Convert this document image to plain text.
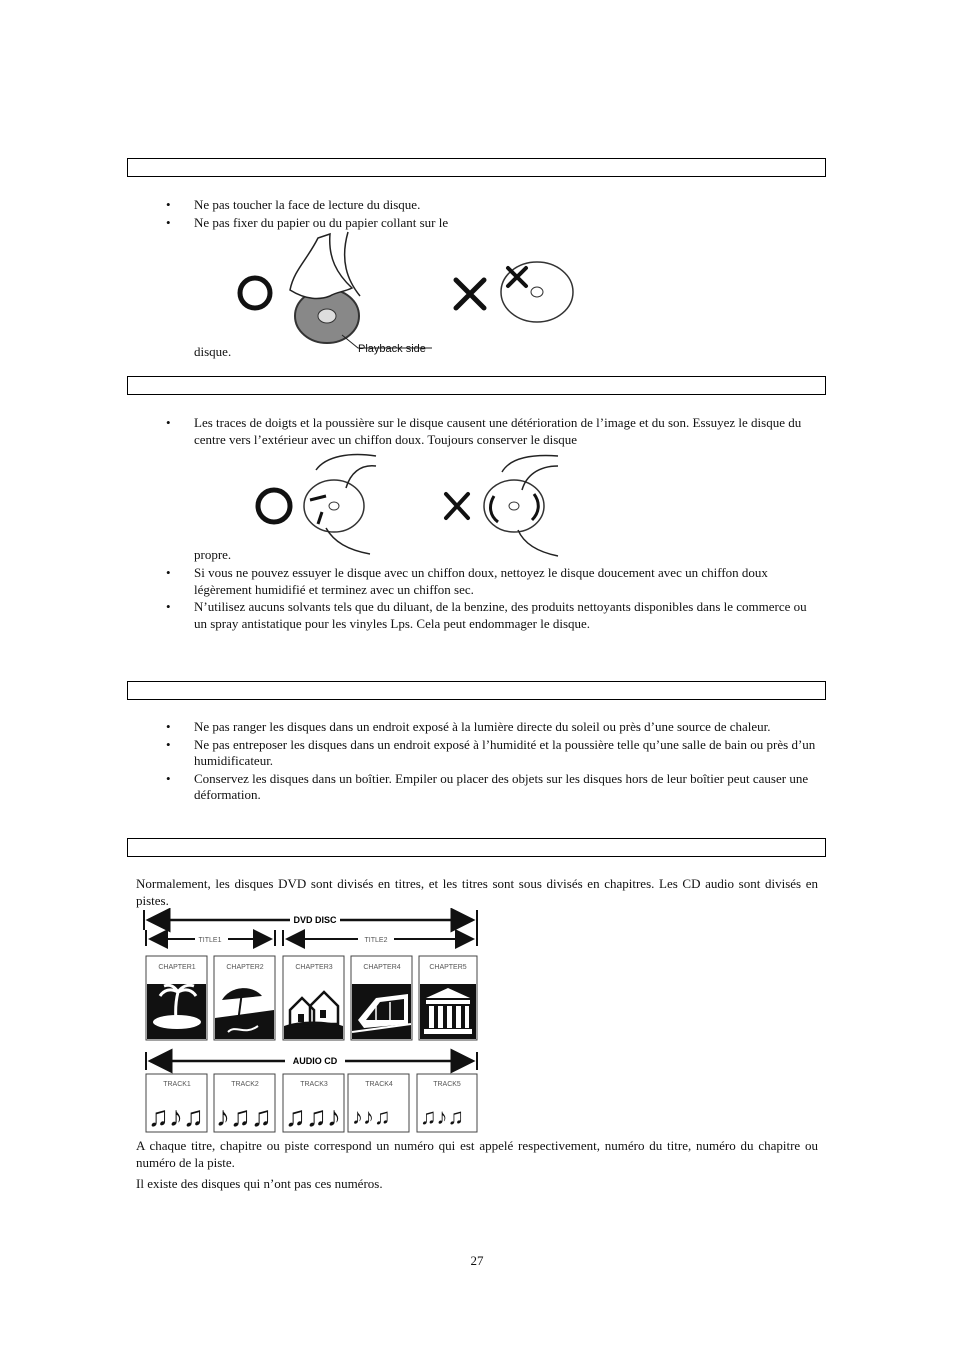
• Ne pas toucher la face de lecture du disque.
• Ne pas fixer du papier ou du papier collant sur le
Playback side
disque.
• Les traces de doigts et la poussière sur le disque causent une détérioration de l’image et du son. Essuyez le disque du centre vers l’extérieur avec un chiffon doux. Toujours conserver le disque
propre.
• Si vous ne pouvez essuyer le disque avec un chiffon doux, nettoyez le disque doucement avec un chiffon doux légèrement humidifié et terminez avec un chiffon sec.
• N’utilisez aucuns solvants tels que du diluant, de la benzine, des produits nettoyants disponibles dans le commerce ou un spray antistatique pour les vinyles Lps. Cela peut endommager le disque.
• Ne pas ranger les disques dans un endroit exposé à la lumière directe du soleil ou près d’une source de chaleur.
• Ne pas entreposer les disques dans un endroit exposé à l’humidité et la poussière telle qu’une salle de bain ou près d’un humidificateur.
• Conservez les disques dans un boîtier. Empiler ou placer des objets sur les disques hors de leur boîtier peut causer une déformation.
Normalement, les disques DVD sont divisés en titres, et les titres sont sous divisés en chapitres. Les CD audio sont divisés en pistes.
DVD DISC
TITLE1	TITLE2
CHAPTER1	CHAPTER2	CHAPTER3	CHAPTER4	CHAPTER5
AUDIO CD
TRACK1	TRACK2	TRACK3	TRACK4	TRACK5
♫♪♫ ♪♫♫ ♫♫♪ ♪♪♫ ♫♪♫
A chaque titre, chapitre ou piste correspond un numéro qui est appelé respectivement, numéro du titre, numéro du chapitre ou numéro de la piste.
Il existe des disques qui n’ont pas ces numéros.
27
